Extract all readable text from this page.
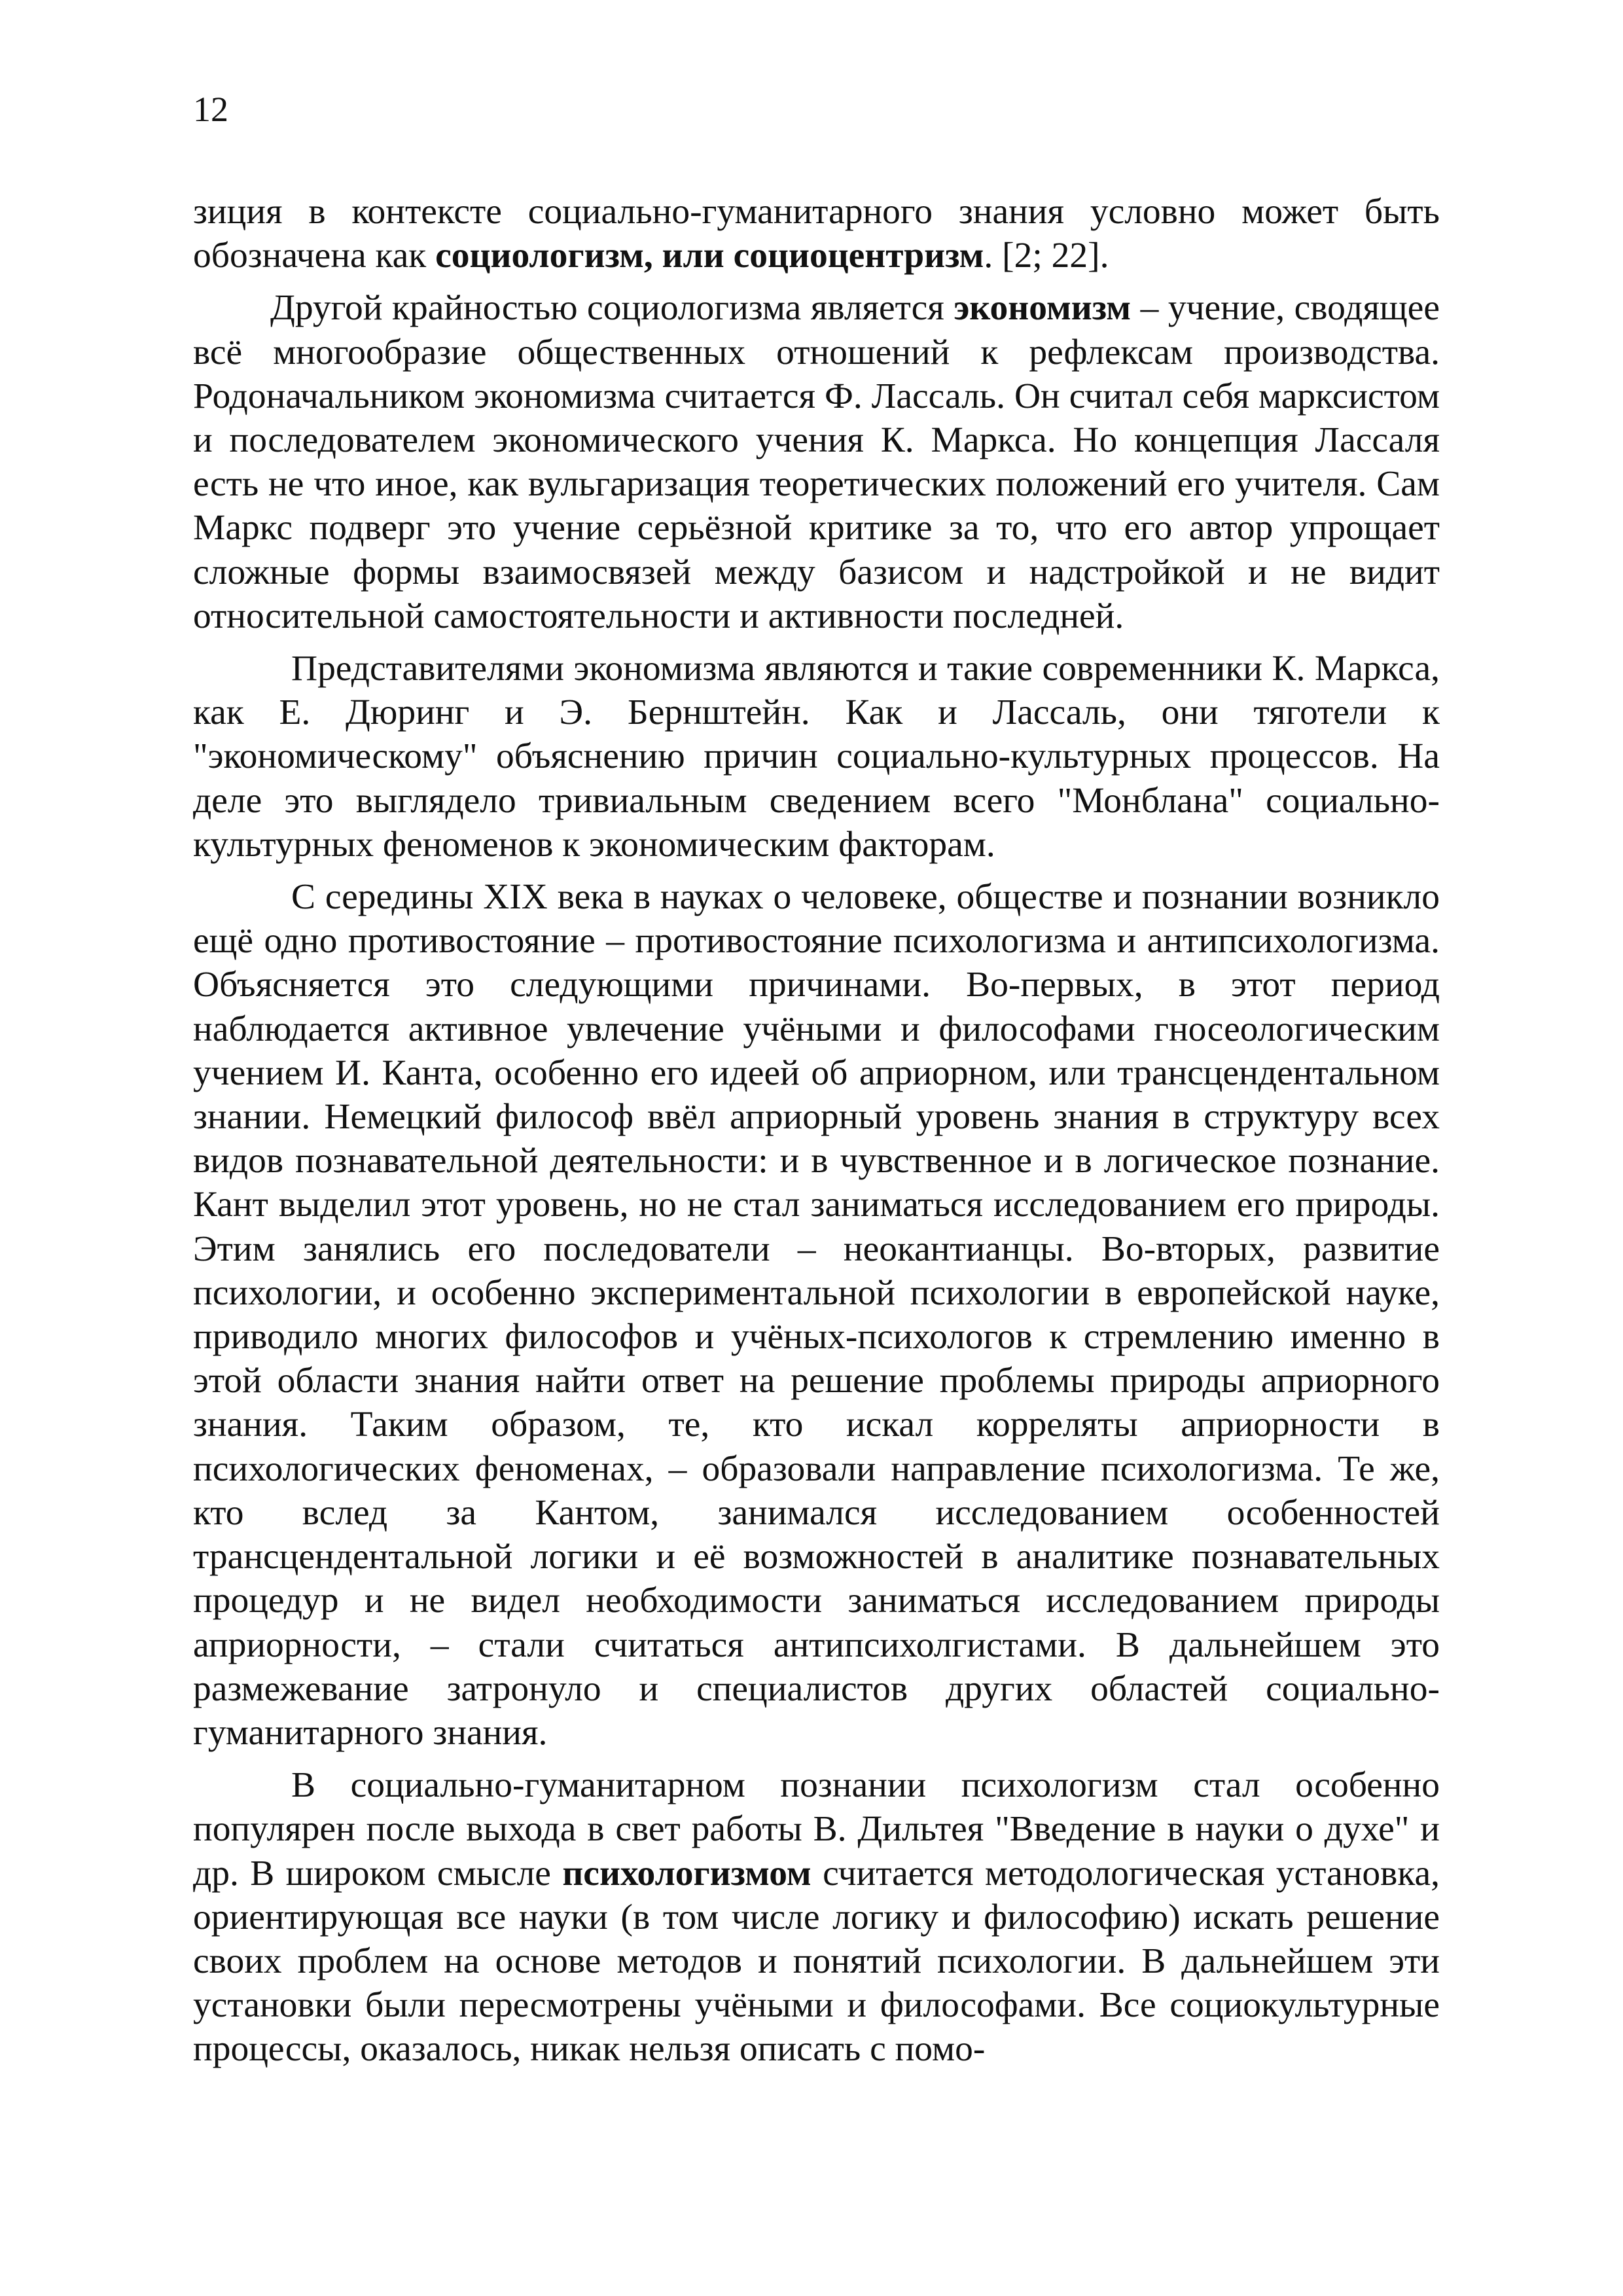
12

зиция в контексте социально-гуманитарного знания условно может быть обозначена как социологизм, или социоцентризм. [2; 22].

Другой крайностью социологизма является экономизм – учение, сводящее всё многообразие общественных отношений к рефлексам производства. Родоначальником экономизма считается Ф. Лассаль. Он считал себя марксистом и последователем экономического учения К. Маркса. Но концепция Лассаля есть не что иное, как вульгаризация теоретических положений его учителя. Сам Маркс подверг это учение серьёзной критике за то, что его автор упрощает сложные формы взаимосвязей между базисом и надстройкой и не видит относительной самостоятельности и активности последней.

Представителями экономизма являются и такие современники К. Маркса, как Е. Дюринг и Э. Бернштейн. Как и Лассаль, они тяготели к "экономическому" объяснению причин социально-культурных процессов. На деле это выглядело тривиальным сведением всего "Монблана" социально-культурных феноменов к экономическим факторам.

С середины XIX века в науках о человеке, обществе и познании возникло ещё одно противостояние – противостояние психологизма и антипсихологизма. Объясняется это следующими причинами. Во-первых, в этот период наблюдается активное увлечение учёными и философами гносеологическим учением И. Канта, особенно его идеей об априорном, или трансцендентальном знании. Немецкий философ ввёл априорный уровень знания в структуру всех видов познавательной деятельности: и в чувственное и в логическое познание. Кант выделил этот уровень, но не стал заниматься исследованием его природы. Этим занялись его последователи – неокантианцы. Во-вторых, развитие психологии, и особенно экспериментальной психологии в европейской науке, приводило многих философов и учёных-психологов к стремлению именно в этой области знания найти ответ на решение проблемы природы априорного знания. Таким образом, те, кто искал корреляты априорности в психологических феноменах, – образовали направление психологизма. Те же, кто вслед за Кантом, занимался исследованием особенностей трансцендентальной логики и её возможностей в аналитике познавательных процедур и не видел необходимости заниматься исследованием природы априорности, – стали считаться антипсихолгистами. В дальнейшем это размежевание затронуло и специалистов других областей социально-гуманитарного знания.

В социально-гуманитарном познании психологизм стал особенно популярен после выхода в свет работы В. Дильтея "Введение в науки о духе" и др. В широком смысле психологизмом считается методологическая установка, ориентирующая все науки (в том числе логику и философию) искать решение своих проблем на основе методов и понятий психологии. В дальнейшем эти установки были пересмотрены учёными и философами. Все социокультурные процессы, оказалось, никак нельзя описать с помо-
